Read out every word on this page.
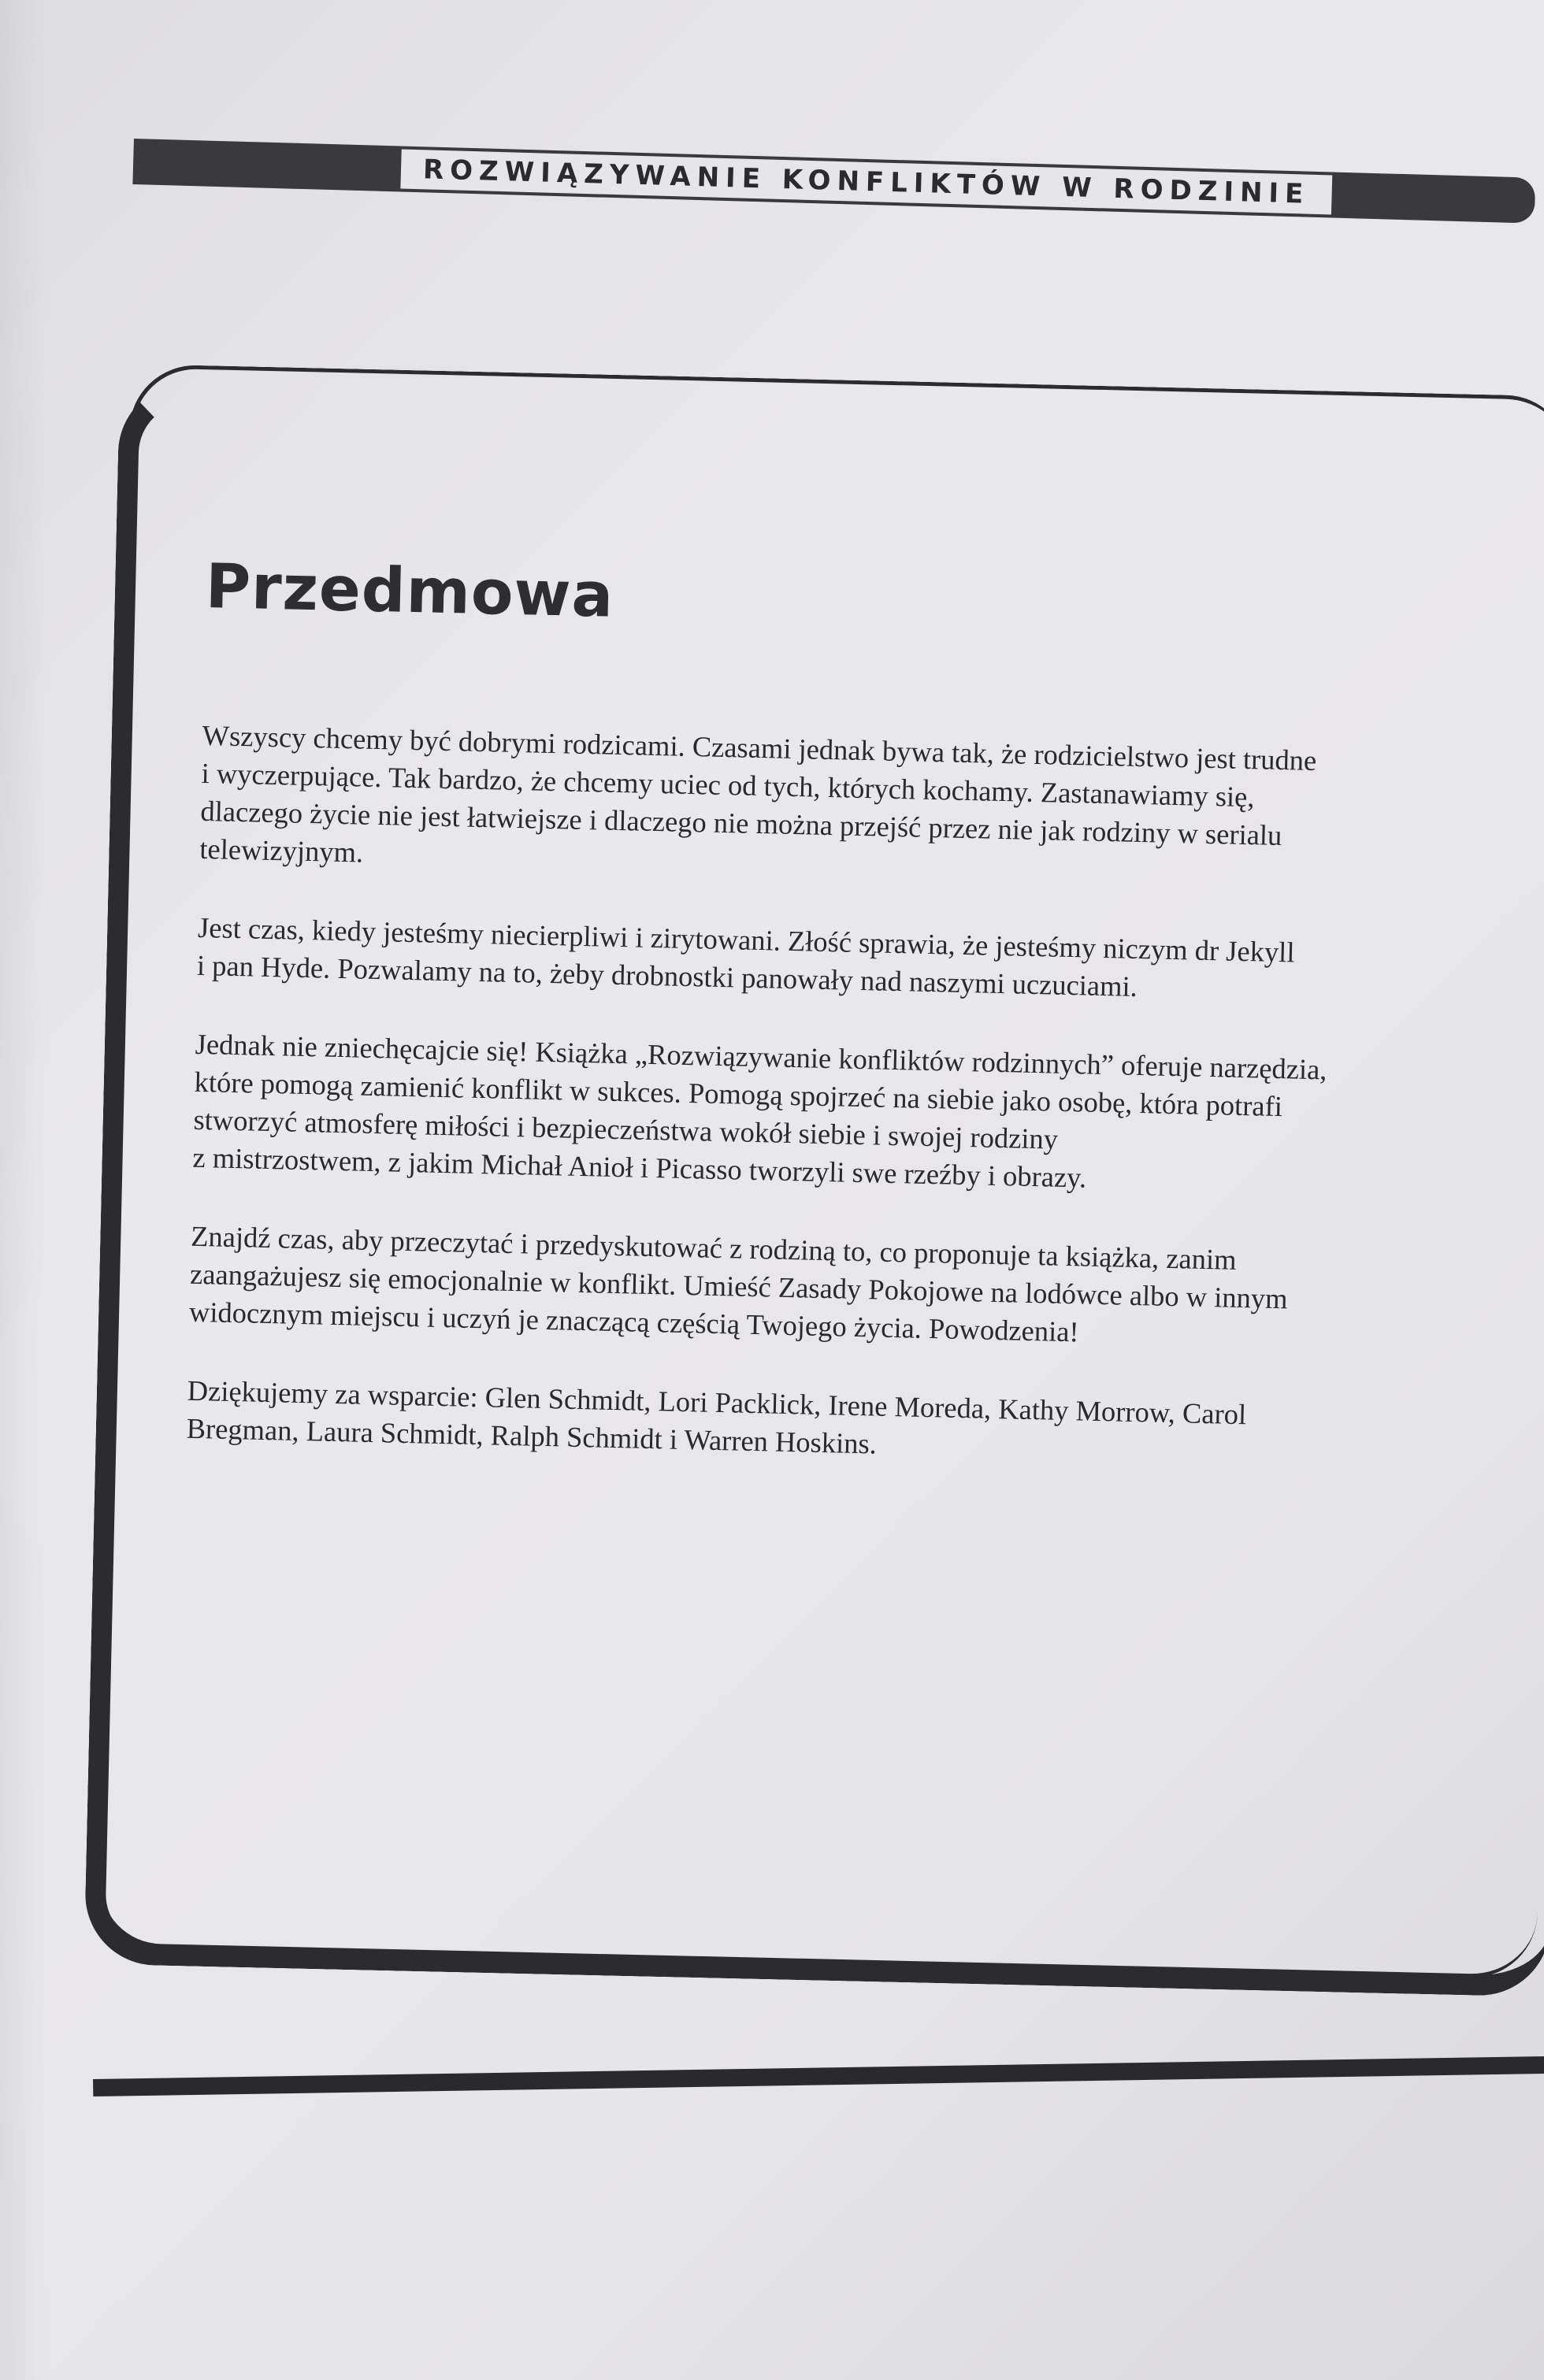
ROZWIĄZYWANIE KONFLIKTÓW W RODZINIE
Przedmowa

Wszyscy chcemy być dobrymi rodzicami. Czasami jednak bywa tak, że rodzicielstwo jest trudne
i wyczerpujące. Tak bardzo, że chcemy uciec od tych, których kochamy. Zastanawiamy się,
dlaczego życie nie jest łatwiejsze i dlaczego nie można przejść przez nie jak rodziny w serialu
telewizyjnym.

Jest czas, kiedy jesteśmy niecierpliwi i zirytowani. Złość sprawia, że jesteśmy niczym dr Jekyll
i pan Hyde. Pozwalamy na to, żeby drobnostki panowały nad naszymi uczuciami.

Jednak nie zniechęcajcie się! Książka „Rozwiązywanie konfliktów rodzinnych” oferuje narzędzia,
które pomogą zamienić konflikt w sukces. Pomogą spojrzeć na siebie jako osobę, która potrafi
stworzyć atmosferę miłości i bezpieczeństwa wokół siebie i swojej rodziny
z mistrzostwem, z jakim Michał Anioł i Picasso tworzyli swe rzeźby i obrazy.

Znajdź czas, aby przeczytać i przedyskutować z rodziną to, co proponuje ta książka, zanim
zaangażujesz się emocjonalnie w konflikt. Umieść Zasady Pokojowe na lodówce albo w innym
widocznym miejscu i uczyń je znaczącą częścią Twojego życia. Powodzenia!

Dziękujemy za wsparcie: Glen Schmidt, Lori Packlick, Irene Moreda, Kathy Morrow, Carol
Bregman, Laura Schmidt, Ralph Schmidt i Warren Hoskins.
